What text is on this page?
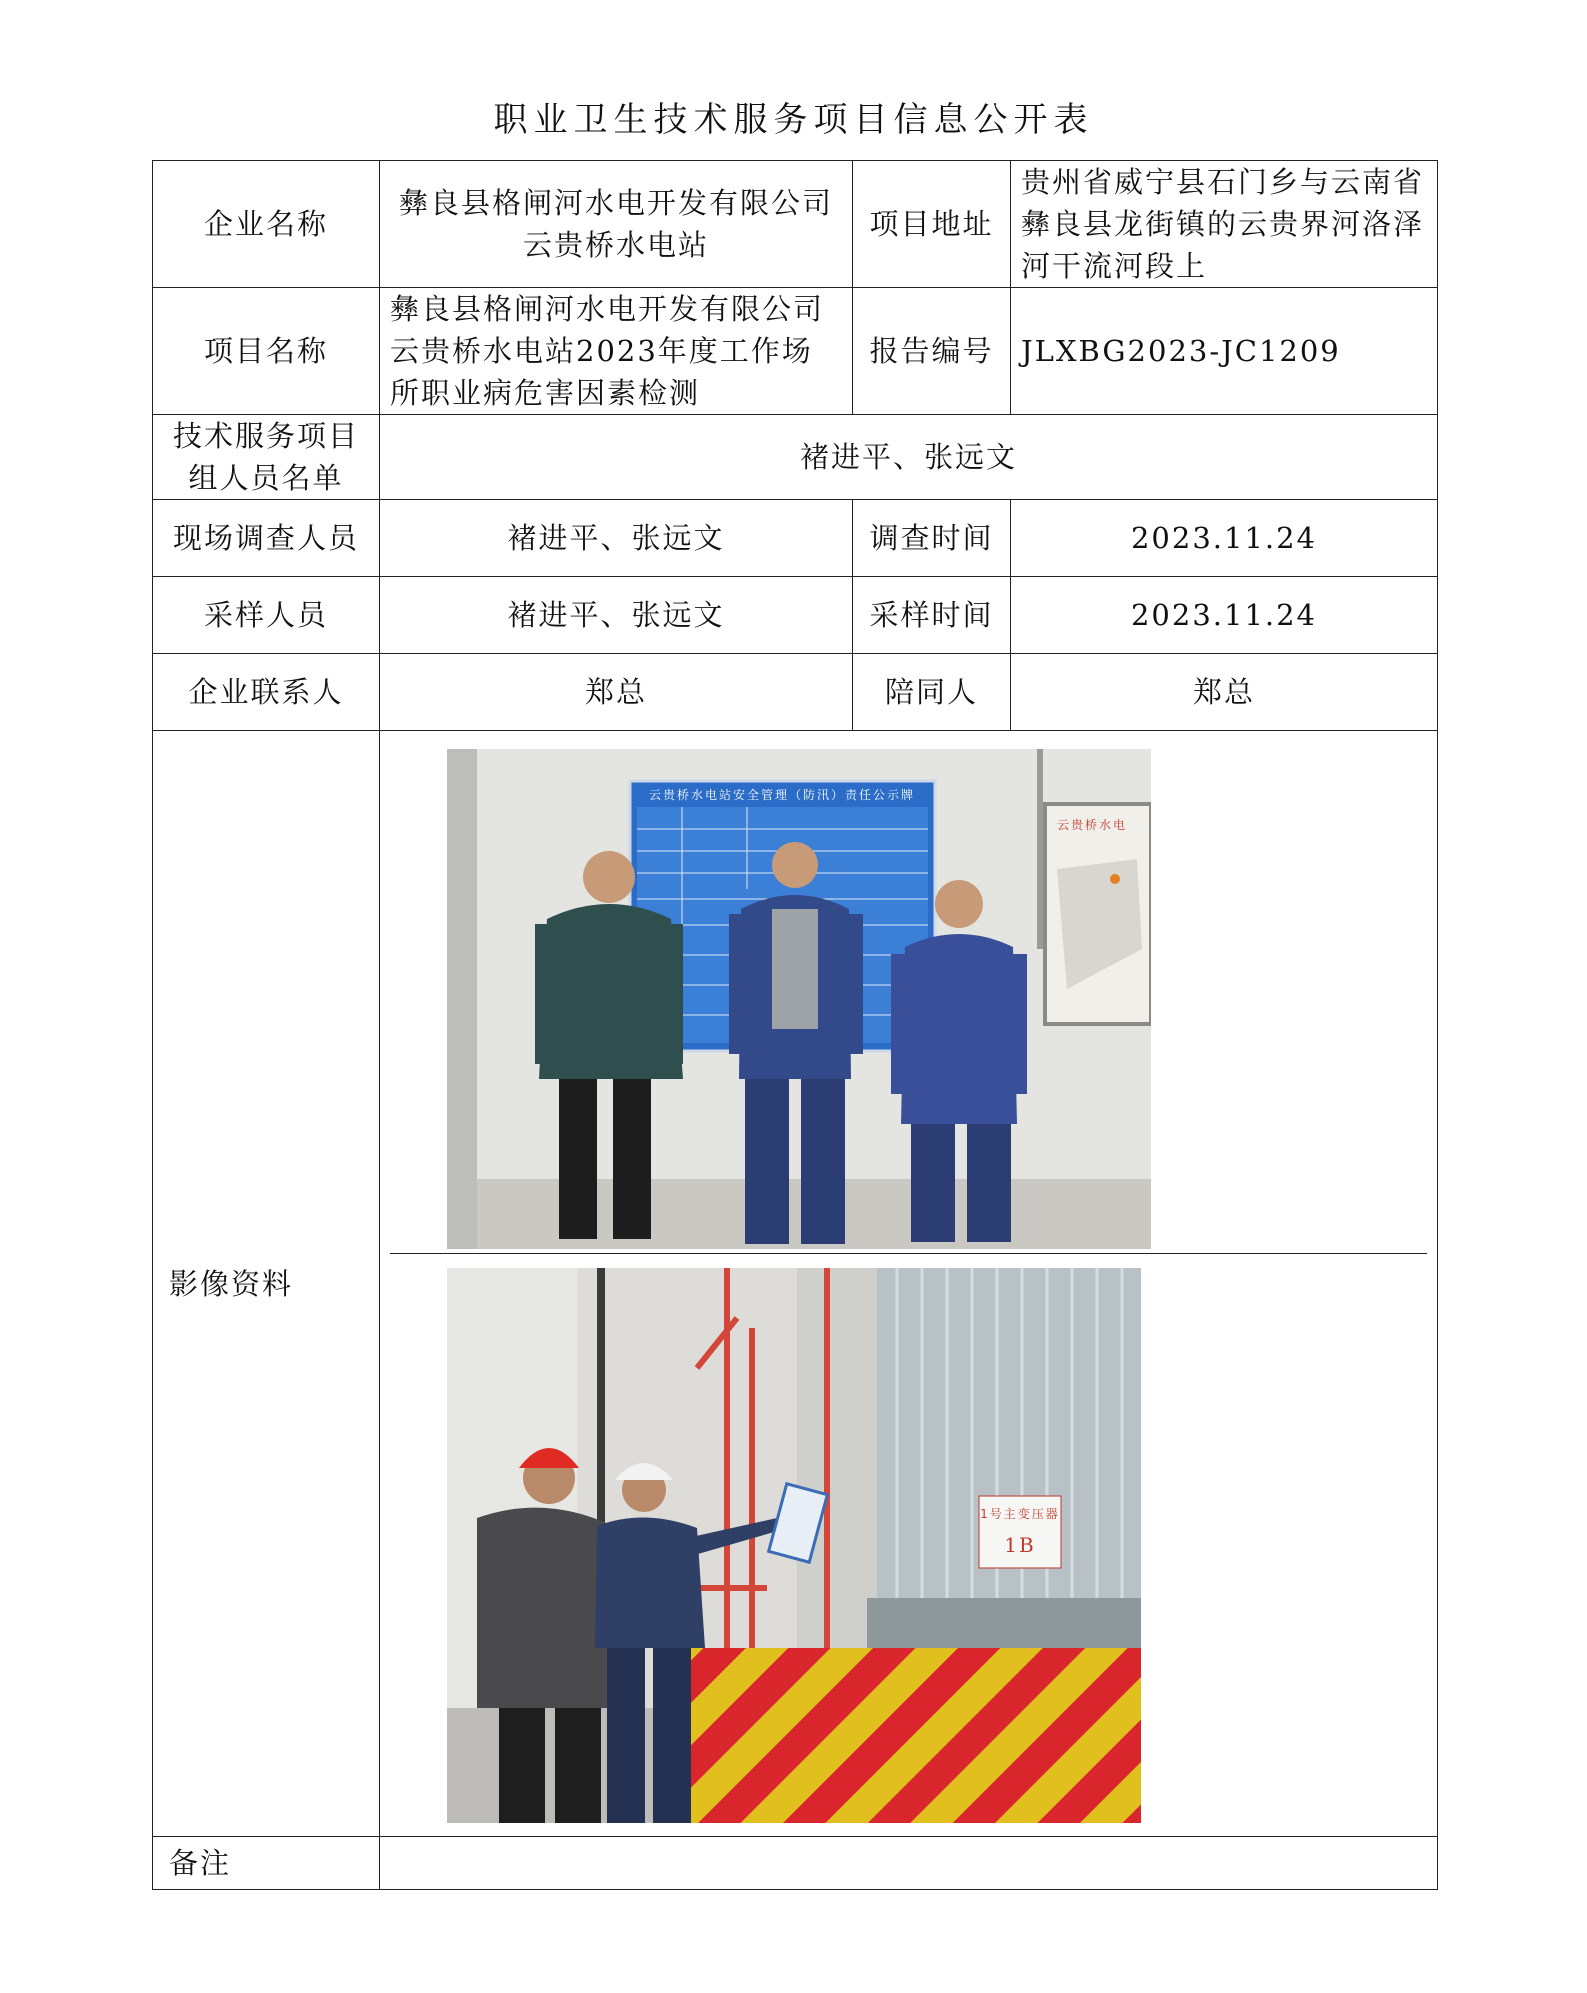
职业卫生技术服务项目信息公开表
企业名称	彝良县格闸河水电开发有限公司云贵桥水电站	项目地址	贵州省威宁县石门乡与云南省彝良县龙街镇的云贵界河洛泽河干流河段上
项目名称	彝良县格闸河水电开发有限公司云贵桥水电站2023年度工作场所职业病危害因素检测	报告编号	JLXBG2023-JC1209
技术服务项目组人员名单	褚进平、张远文		
现场调查人员	褚进平、张远文	调查时间	2023.11.24
采样人员	褚进平、张远文	采样时间	2023.11.24
企业联系人	郑总	陪同人	郑总
影像资料	云贵桥水电站安全管理（防汛）责任公示牌
云贵桥水电
1号主变压器
1B		

备注			
